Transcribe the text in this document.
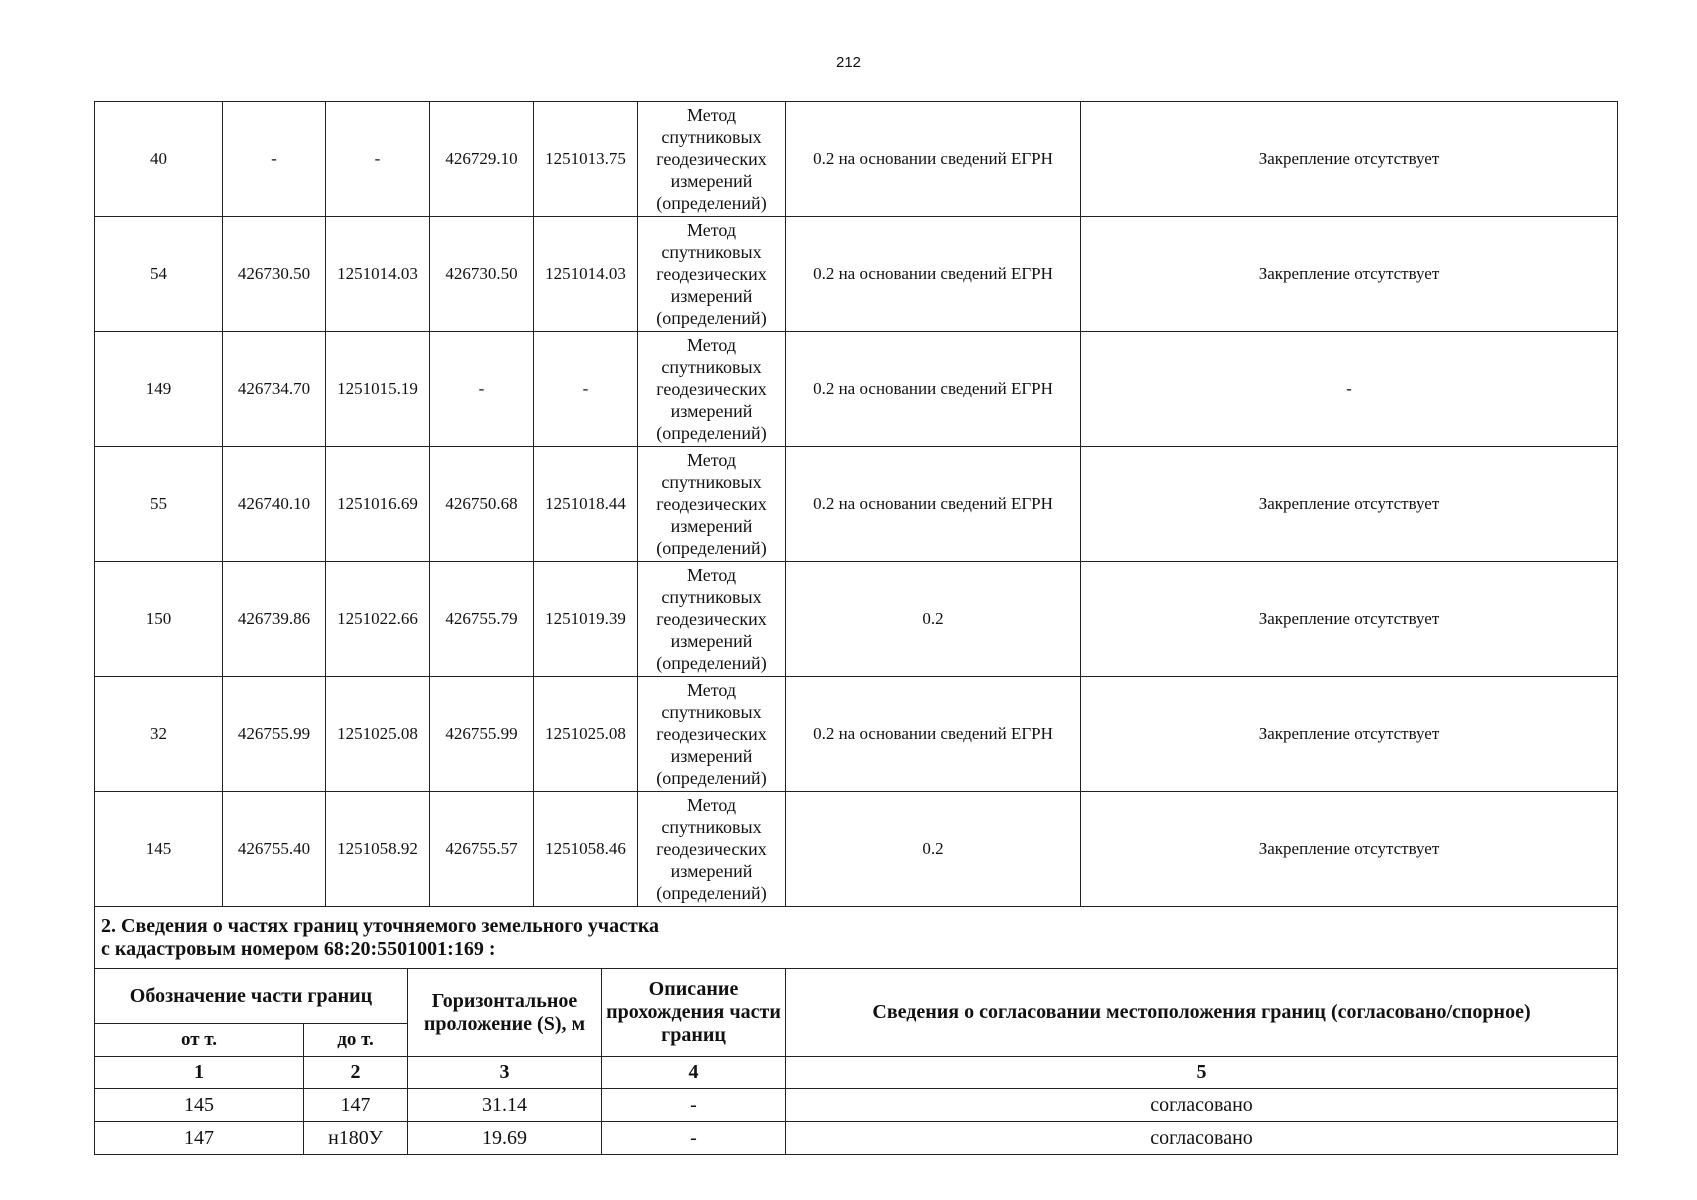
212
40	-	-	426729.10	1251013.75	Метод спутниковых геодезических измерений (определений)	0.2 на основании сведений ЕГРН	Закрепление отсутствует
54	426730.50	1251014.03	426730.50	1251014.03	Метод спутниковых геодезических измерений (определений)	0.2 на основании сведений ЕГРН	Закрепление отсутствует
149	426734.70	1251015.19	-	-	Метод спутниковых геодезических измерений (определений)	0.2 на основании сведений ЕГРН	-
55	426740.10	1251016.69	426750.68	1251018.44	Метод спутниковых геодезических измерений (определений)	0.2 на основании сведений ЕГРН	Закрепление отсутствует
150	426739.86	1251022.66	426755.79	1251019.39	Метод спутниковых геодезических измерений (определений)	0.2	Закрепление отсутствует
32	426755.99	1251025.08	426755.99	1251025.08	Метод спутниковых геодезических измерений (определений)	0.2 на основании сведений ЕГРН	Закрепление отсутствует
145	426755.40	1251058.92	426755.57	1251058.46	Метод спутниковых геодезических измерений (определений)	0.2	Закрепление отсутствует
2. Сведения о частях границ уточняемого земельного участка
с кадастровым номером 68:20:5501001:169 :				

Обозначение части границ		Горизонтальное проложение (S), м	Описание прохождения части границ	Сведения о согласовании местоположения границ (согласовано/спорное)
от т.	до т.			
1	2	3	4	5
145	147	31.14	-	согласовано
147	н180У	19.69	-	согласовано
